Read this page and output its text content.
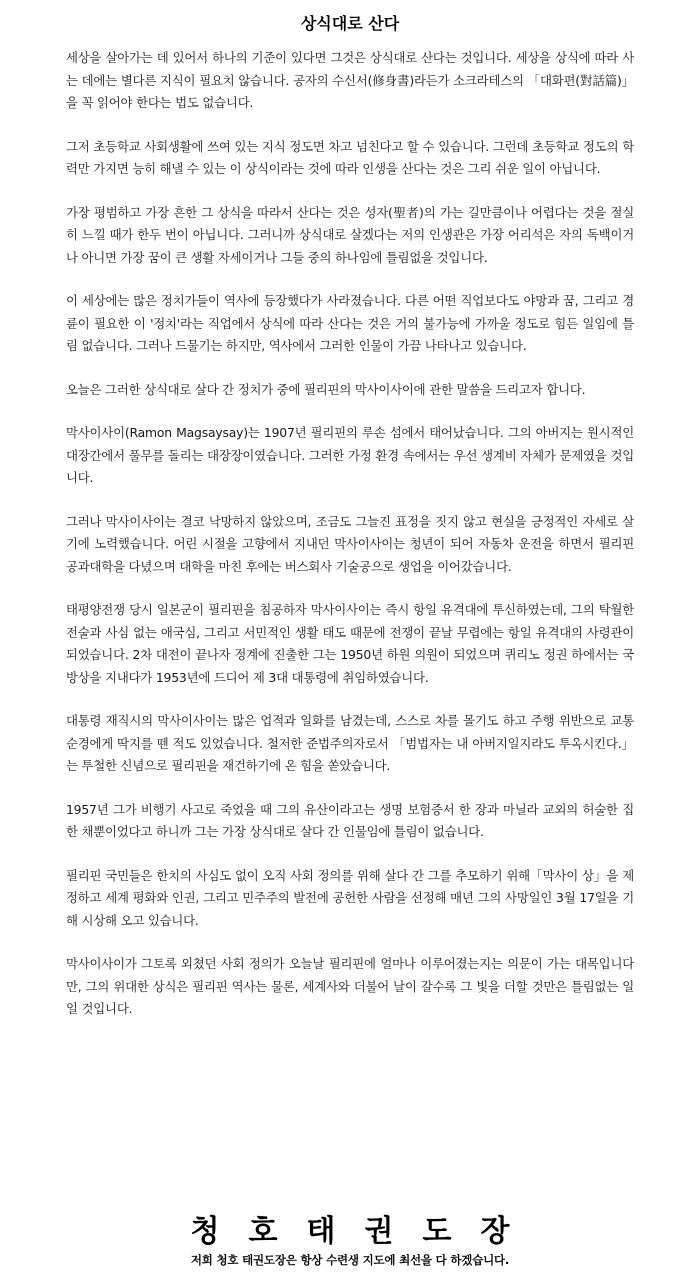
상식대로 산다

세상을 살아가는 데 있어서 하나의 기준이 있다면 그것은 상식대로 산다는 것입니다. 세상을 상식에 따라 사는 데에는 별다른 지식이 필요치 않습니다. 공자의 수신서(修身書)라든가 소크라테스의 「대화편(對話篇)」을 꼭 읽어야 한다는 법도 없습니다.

그저 초등학교 사회생활에 쓰여 있는 지식 정도면 차고 넘친다고 할 수 있습니다. 그런데 초등학교 정도의 학력만 가지면 능히 해낼 수 있는 이 상식이라는 것에 따라 인생을 산다는 것은 그리 쉬운 일이 아닙니다.

가장 평범하고 가장 흔한 그 상식을 따라서 산다는 것은 성자(聖者)의 가는 길만큼이나 어렵다는 것을 절실히 느낄 때가 한두 번이 아닙니다. 그러니까 상식대로 살겠다는 저의 인생관은 가장 어리석은 자의 독백이거나 아니면 가장 꿈이 큰 생활 자세이거나 그들 중의 하나임에 틀림없을 것입니다.

이 세상에는 많은 정치가들이 역사에 등장했다가 사라졌습니다. 다른 어떤 직업보다도 야망과 꿈, 그리고 경륜이 필요한 이 '정치'라는 직업에서 상식에 따라 산다는 것은 거의 불가능에 가까울 정도로 힘든 일임에 틀림 없습니다. 그러나 드물기는 하지만, 역사에서 그러한 인물이 가끔 나타나고 있습니다.

오늘은 그러한 상식대로 살다 간 정치가 중에 필리핀의 막사이사이에 관한 말씀을 드리고자 합니다.

막사이사이(Ramon Magsaysay)는 1907년 필리핀의 루손 섬에서 태어났습니다. 그의 아버지는 원시적인 대장간에서 풀무를 돌리는 대장장이였습니다. 그러한 가정 환경 속에서는 우선 생계비 자체가 문제였을 것입니다.

그러나 막사이사이는 결코 낙망하지 않았으며, 조금도 그늘진 표정을 짓지 않고 현실을 긍정적인 자세로 살기에 노력했습니다. 어린 시절을 고향에서 지내던 막사이사이는 청년이 되어 자동차 운전을 하면서 필리핀 공과대학을 다녔으며 대학을 마친 후에는 버스회사 기술공으로 생업을 이어갔습니다.

태평양전쟁 당시 일본군이 필리핀을 침공하자 막사이사이는 즉시 항일 유격대에 투신하였는데, 그의 탁월한 전술과 사심 없는 애국심, 그리고 서민적인 생활 태도 때문에 전쟁이 끝날 무렵에는 항일 유격대의 사령관이 되었습니다. 2차 대전이 끝나자 정계에 진출한 그는 1950년 하원 의원이 되었으며 퀴리노 정권 하에서는 국방상을 지내다가 1953년에 드디어 제 3대 대통령에 취임하였습니다.

대통령 재직시의 막사이사이는 많은 업적과 일화를 남겼는데, 스스로 차를 몰기도 하고 주행 위반으로 교통 순경에게 딱지를 뗀 적도 있었습니다. 철저한 준법주의자로서 「범법자는 내 아버지일지라도 투옥시킨다.」는 투철한 신념으로 필리핀을 재건하기에 온 힘을 쏟았습니다.

1957년 그가 비행기 사고로 죽었을 때 그의 유산이라고는 생명 보험증서 한 장과 마닐라 교외의 허술한 집 한 채뿐이었다고 하니까 그는 가장 상식대로 살다 간 인물임에 틀림이 없습니다.

필리핀 국민들은 한치의 사심도 없이 오직 사회 정의를 위해 살다 간 그를 추모하기 위해「막사이 상」을 제정하고 세계 평화와 인권, 그리고 민주주의 발전에 공헌한 사람을 선정해 매년 그의 사망일인 3월 17일을 기해 시상해 오고 있습니다.

막사이사이가 그토록 외쳤던 사회 정의가 오늘날 필리핀에 얼마나 이루어졌는지는 의문이 가는 대목입니다만, 그의 위대한 상식은 필리핀 역사는 물론, 세계사와 더불어 날이 갈수록 그 빛을 더할 것만은 틀림없는 일일 것입니다.

청호태권도장
저희 청호 태권도장은 항상 수련생 지도에 최선을 다 하겠습니다.
